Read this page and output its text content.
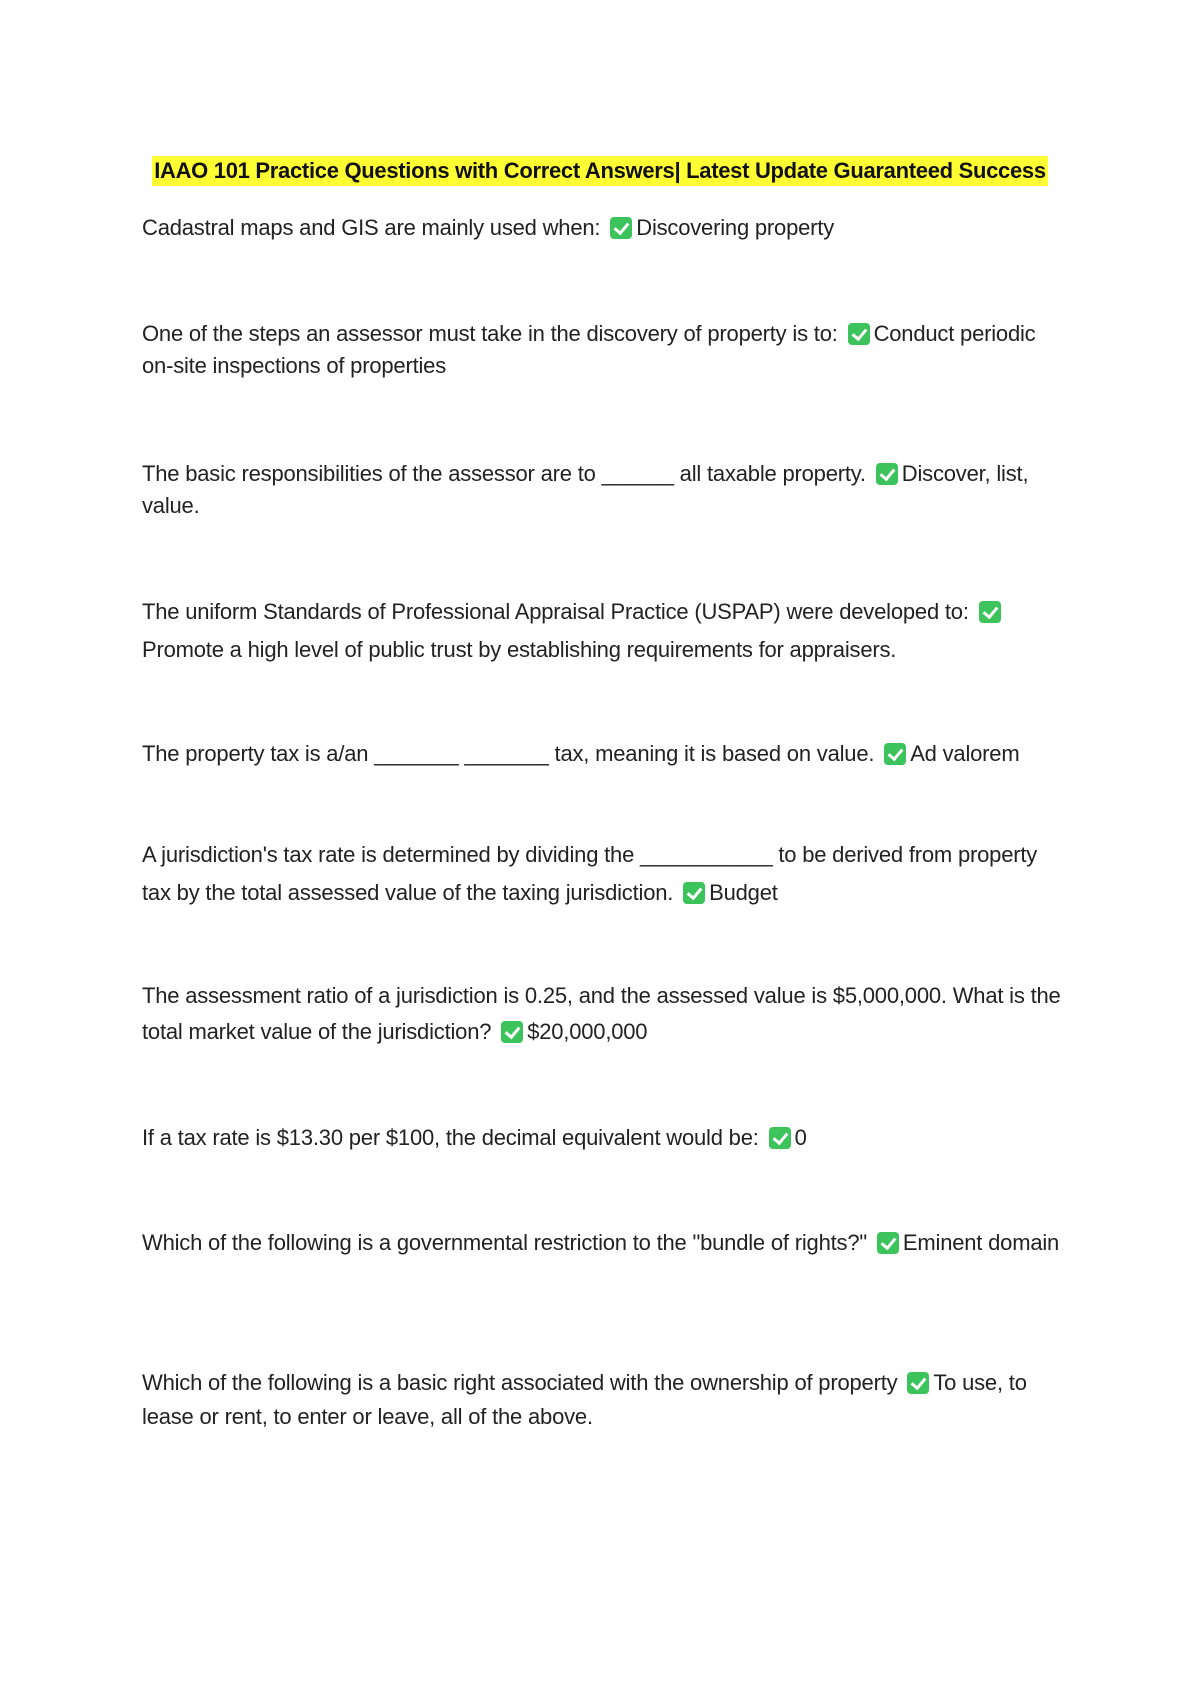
IAAO 101 Practice Questions with Correct Answers| Latest Update Guaranteed Success
Cadastral maps and GIS are mainly used when: Discovering property
One of the steps an assessor must take in the discovery of property is to: Conduct periodic on-site inspections of properties
The basic responsibilities of the assessor are to ______ all taxable property. Discover, list, value.
The uniform Standards of Professional Appraisal Practice (USPAP) were developed to: Promote a high level of public trust by establishing requirements for appraisers.
The property tax is a/an _______ _______ tax, meaning it is based on value. Ad valorem
A jurisdiction's tax rate is determined by dividing the ___________ to be derived from property tax by the total assessed value of the taxing jurisdiction. Budget
The assessment ratio of a jurisdiction is 0.25, and the assessed value is $5,000,000. What is the total market value of the jurisdiction? $20,000,000
If a tax rate is $13.30 per $100, the decimal equivalent would be: 0
Which of the following is a governmental restriction to the "bundle of rights?" Eminent domain
Which of the following is a basic right associated with the ownership of property To use, to lease or rent, to enter or leave, all of the above.
